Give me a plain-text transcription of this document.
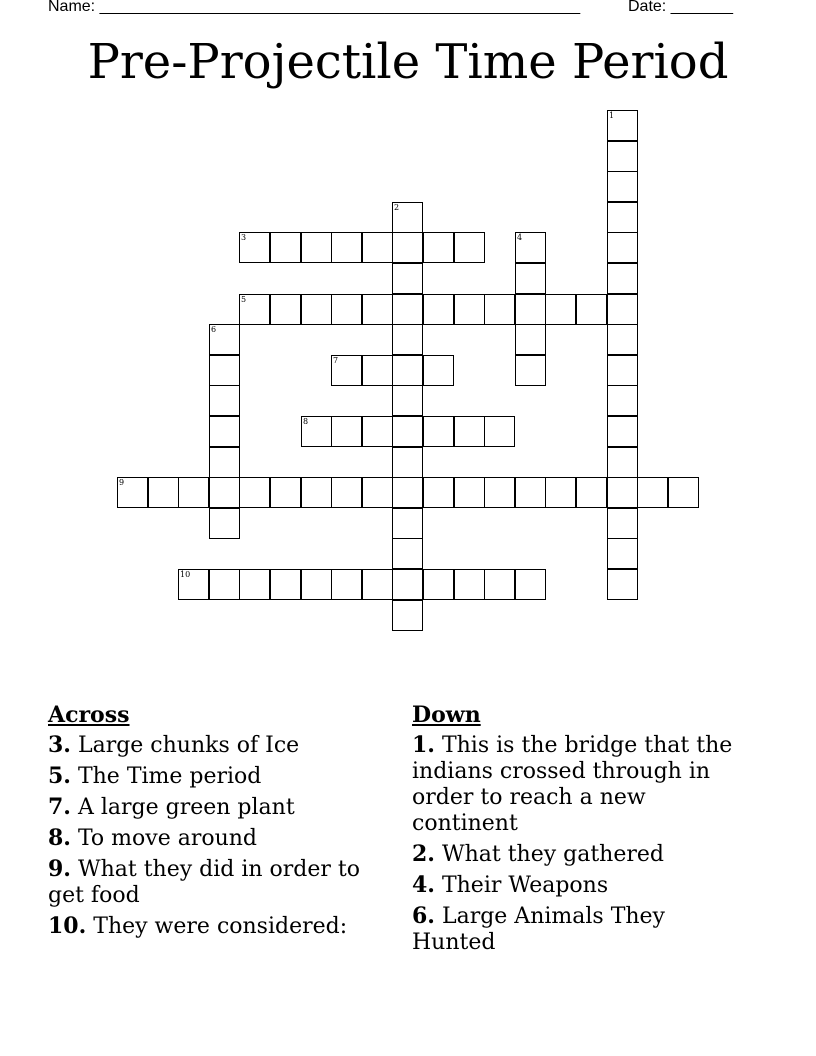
Name: ______________________________________________________	Date: _______
Pre-Projectile Time Period
1
2
3	4
5
6
7
8
9
10
Across
3. Large chunks of Ice
5. The Time period
7. A large green plant
8. To move around
9. What they did in order to get food
10. They were considered:
Down
1. This is the bridge that the indians crossed through in order to reach a new continent
2. What they gathered
4. Their Weapons
6. Large Animals They Hunted
